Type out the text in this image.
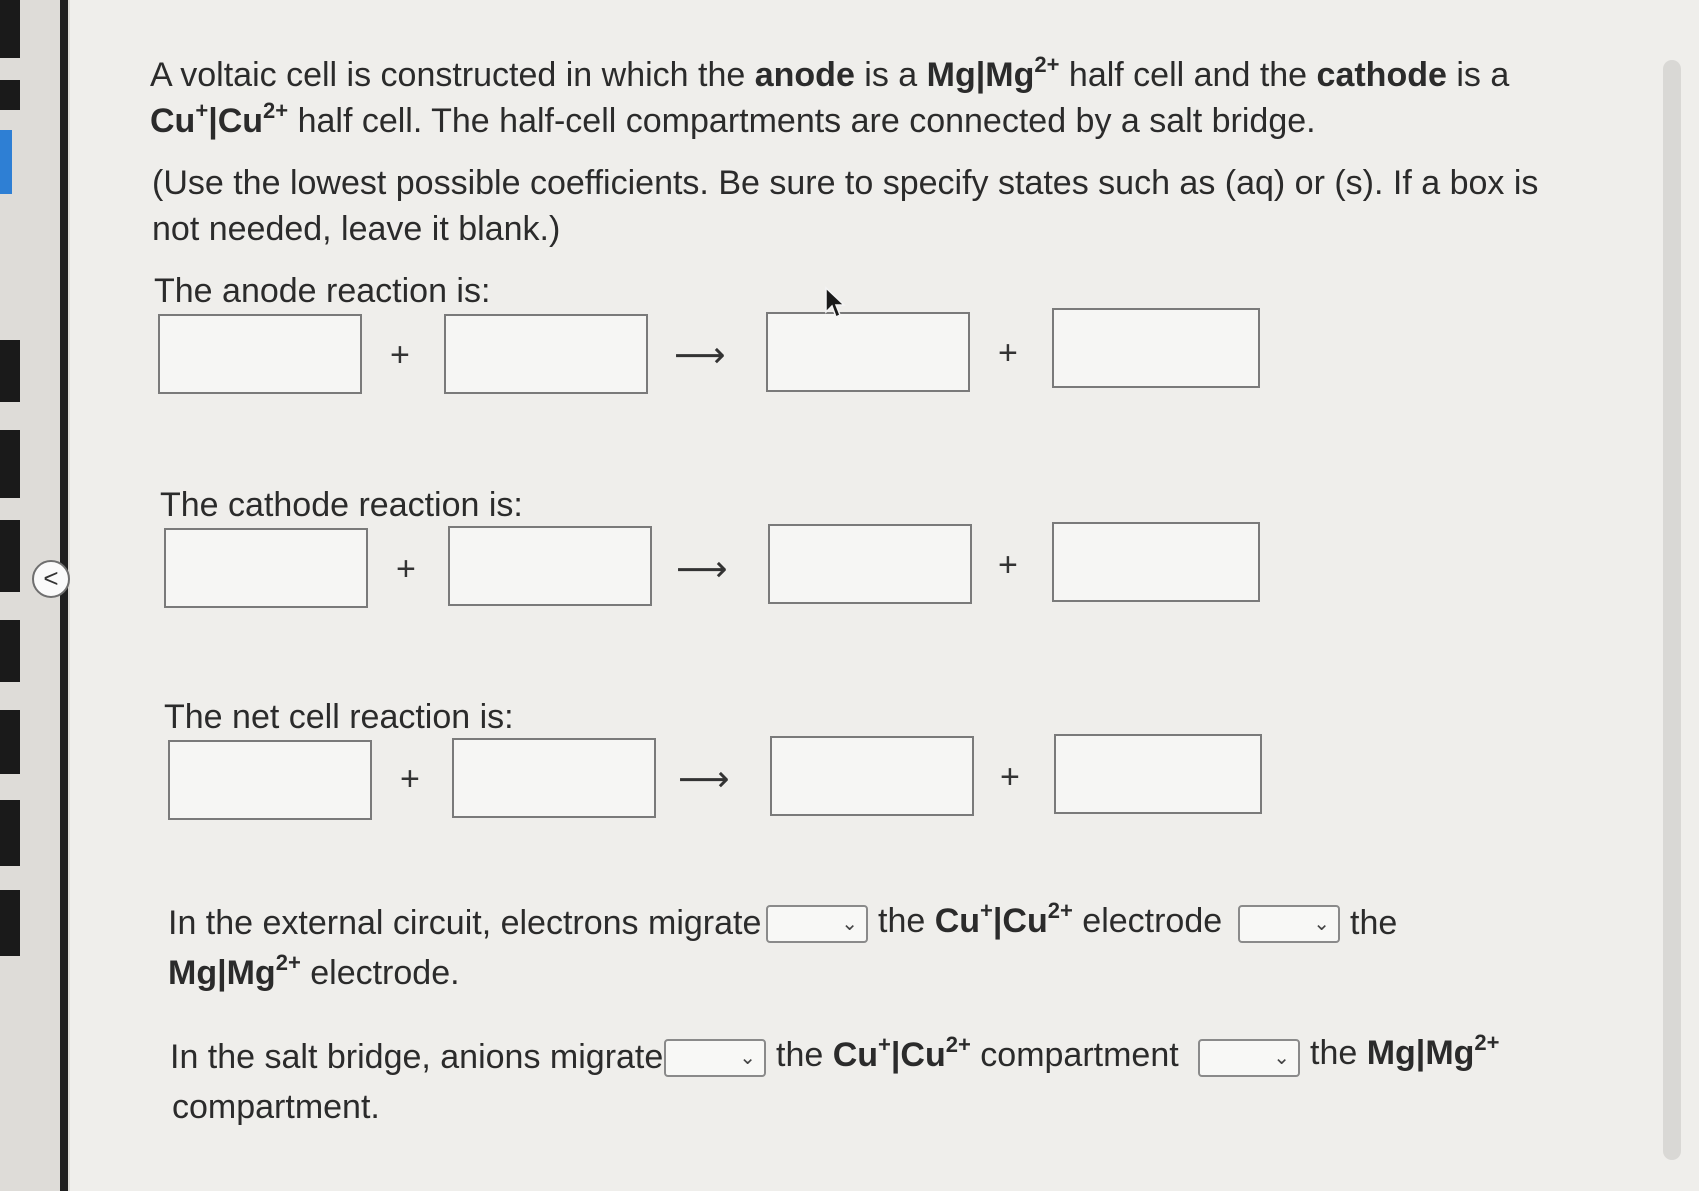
<
A voltaic cell is constructed in which the anode is a $Mg|Mg^{2+}$ half cell and the cathode is a
$Cu^+|Cu^{2+}$ half cell. The half-cell compartments are connected by a salt bridge.
(Use the lowest possible coefficients. Be sure to specify states such as (aq) or (s). If a box is
not needed, leave it blank.)
The anode reaction is:
+	⟶	+
The cathode reaction is:
+	⟶	+
The net cell reaction is:
+	⟶	+
In the external circuit, electrons migrate	⌄ the $Cu^+|Cu^{2+}$ electrode	⌄ the
$Mg|Mg^{2+}$ electrode.
In the salt bridge, anions migrate	⌄ the $Cu^+|Cu^{2+}$ compartment	⌄ the $Mg|Mg^{2+}$
compartment.
